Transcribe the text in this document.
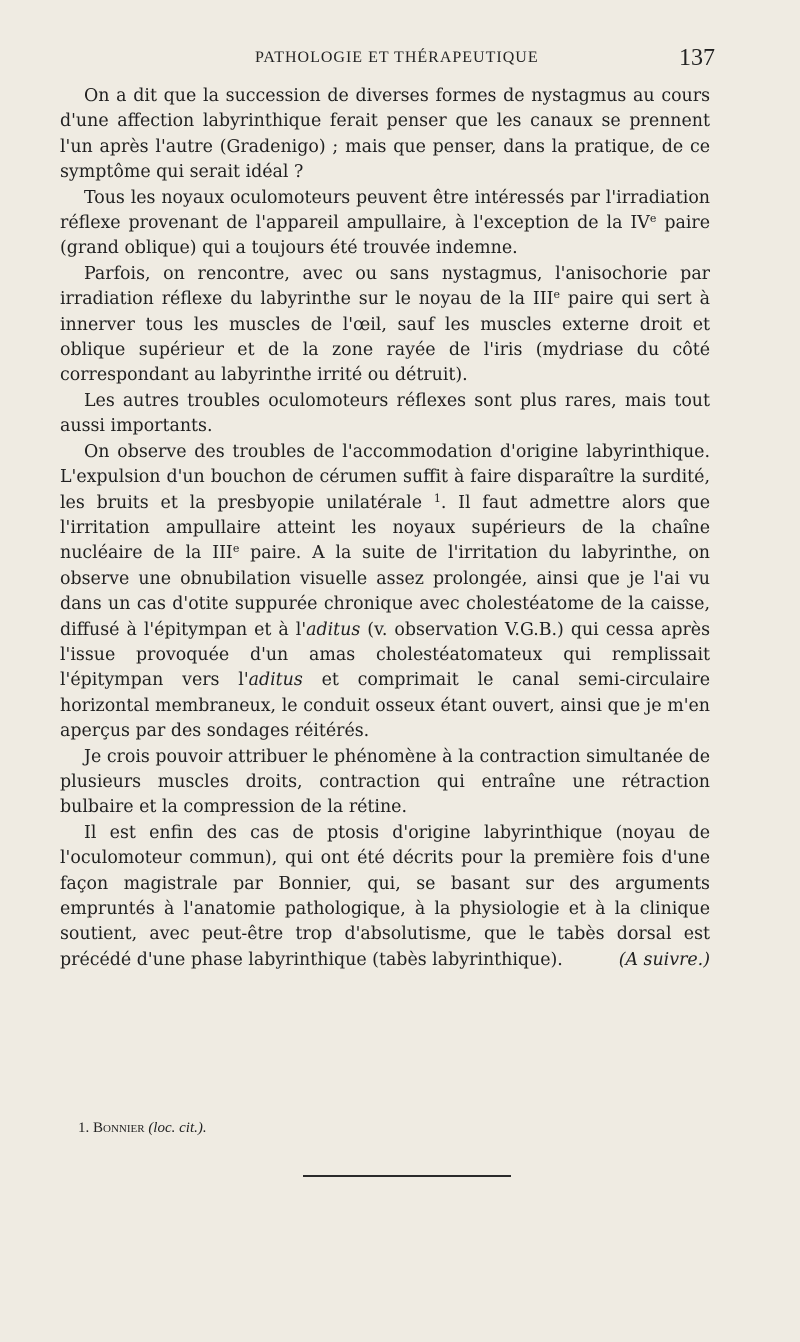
PATHOLOGIE ET THÉRAPEUTIQUE	137

On a dit que la succession de diverses formes de nystagmus au cours d'une affection labyrinthique ferait penser que les canaux se prennent l'un après l'autre (Gradenigo) ; mais que penser, dans la pratique, de ce symptôme qui serait idéal ?

Tous les noyaux oculomoteurs peuvent être intéressés par l'irradiation réflexe provenant de l'appareil ampullaire, à l'exception de la IVe paire (grand oblique) qui a toujours été trouvée indemne.

Parfois, on rencontre, avec ou sans nystagmus, l'anisochorie par irradiation réflexe du labyrinthe sur le noyau de la IIIe paire qui sert à innerver tous les muscles de l'œil, sauf les muscles externe droit et oblique supérieur et de la zone rayée de l'iris (mydriase du côté correspondant au labyrinthe irrité ou détruit).

Les autres troubles oculomoteurs réflexes sont plus rares, mais tout aussi importants.

On observe des troubles de l'accommodation d'origine labyrinthique. L'expulsion d'un bouchon de cérumen suffit à faire disparaître la surdité, les bruits et la presbyopie unilatérale $^1$. Il faut admettre alors que l'irritation ampullaire atteint les noyaux supérieurs de la chaîne nucléaire de la IIIe paire. A la suite de l'irritation du labyrinthe, on observe une obnubilation visuelle assez prolongée, ainsi que je l'ai vu dans un cas d'otite suppurée chronique avec cholestéatome de la caisse, diffusé à l'épitympan et à l'aditus (v. observation V.G.B.) qui cessa après l'issue provoquée d'un amas cholestéatomateux qui remplissait l'épitympan vers l'aditus et comprimait le canal semi-circulaire horizontal membraneux, le conduit osseux étant ouvert, ainsi que je m'en aperçus par des sondages réitérés.

Je crois pouvoir attribuer le phénomène à la contraction simultanée de plusieurs muscles droits, contraction qui entraîne une rétraction bulbaire et la compression de la rétine.

Il est enfin des cas de ptosis d'origine labyrinthique (noyau de l'oculomoteur commun), qui ont été décrits pour la première fois d'une façon magistrale par Bonnier, qui, se basant sur des arguments empruntés à l'anatomie pathologique, à la physiologie et à la clinique soutient, avec peut-être trop d'absolutisme, que le tabès dorsal est précédé d'une phase labyrinthique (tabès labyrinthique).	(A suivre.)

1. Bonnier (loc. cit.).
